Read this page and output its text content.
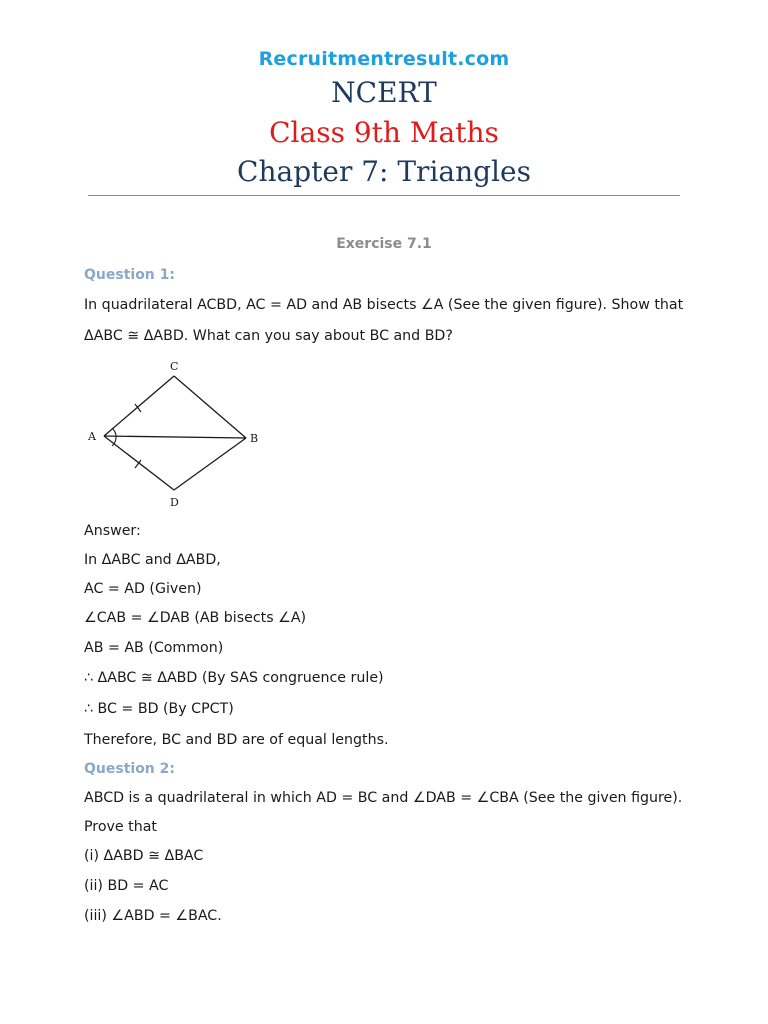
Recruitmentresult.com
NCERT
Class 9th Maths
Chapter 7: Triangles
Exercise 7.1
Question 1:
In quadrilateral ACBD, AC = AD and AB bisects ∠A (See the given figure). Show that
ΔABC ≅ ΔABD. What can you say about BC and BD?
A	B
C
D
Answer:
In ΔABC and ΔABD,
AC = AD (Given)
∠CAB = ∠DAB (AB bisects ∠A)
AB = AB (Common)
∴ ΔABC ≅ ΔABD (By SAS congruence rule)
∴ BC = BD (By CPCT)
Therefore, BC and BD are of equal lengths.
Question 2:
ABCD is a quadrilateral in which AD = BC and ∠DAB = ∠CBA (See the given figure).
Prove that
(i) ΔABD ≅ ΔBAC
(ii) BD = AC
(iii) ∠ABD = ∠BAC.
